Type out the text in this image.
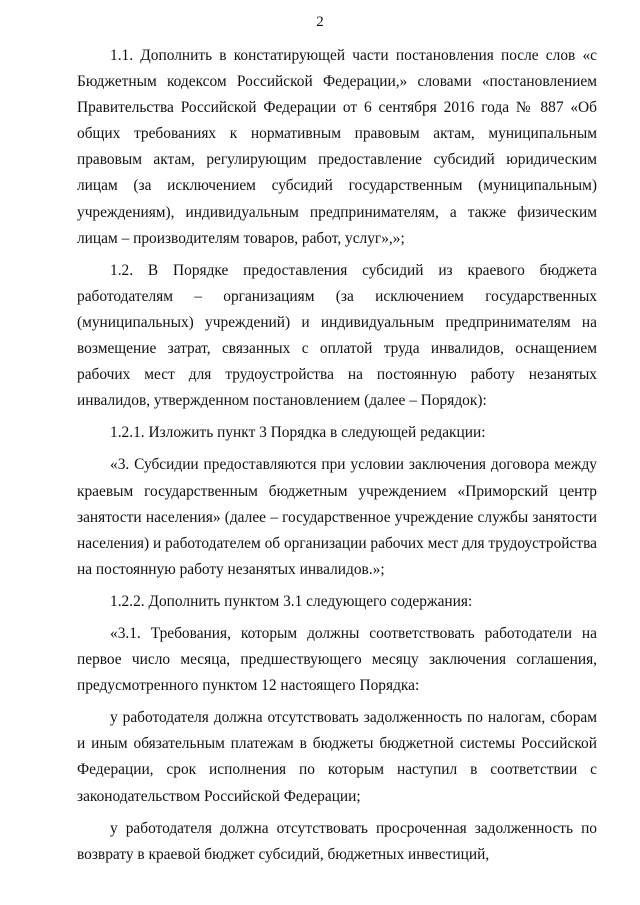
2

1.1. Дополнить в констатирующей части постановления после слов «с Бюджетным кодексом Российской Федерации,» словами «постановлением Правительства Российской Федерации от 6 сентября 2016 года № 887 «Об общих требованиях к нормативным правовым актам, муниципальным правовым актам, регулирующим предоставление субсидий юридическим лицам (за исключением субсидий государственным (муниципальным) учреждениям), индивидуальным предпринимателям, а также физическим лицам – производителям товаров, работ, услуг»,»;

1.2. В Порядке предоставления субсидий из краевого бюджета работодателям – организациям (за исключением государственных (муниципальных) учреждений) и индивидуальным предпринимателям на возмещение затрат, связанных с оплатой труда инвалидов, оснащением рабочих мест для трудоустройства на постоянную работу незанятых инвалидов, утвержденном постановлением (далее – Порядок):

1.2.1. Изложить пункт 3 Порядка в следующей редакции:

«3. Субсидии предоставляются при условии заключения договора между краевым государственным бюджетным учреждением «Приморский центр занятости населения» (далее – государственное учреждение службы занятости населения) и работодателем об организации рабочих мест для трудоустройства на постоянную работу незанятых инвалидов.»;

1.2.2. Дополнить пунктом 3.1 следующего содержания:

«3.1. Требования, которым должны соответствовать работодатели на первое число месяца, предшествующего месяцу заключения соглашения, предусмотренного пунктом 12 настоящего Порядка:

у работодателя должна отсутствовать задолженность по налогам, сборам и иным обязательным платежам в бюджеты бюджетной системы Российской Федерации, срок исполнения по которым наступил в соответствии с законодательством Российской Федерации;

у работодателя должна отсутствовать просроченная задолженность по возврату в краевой бюджет субсидий, бюджетных инвестиций,
